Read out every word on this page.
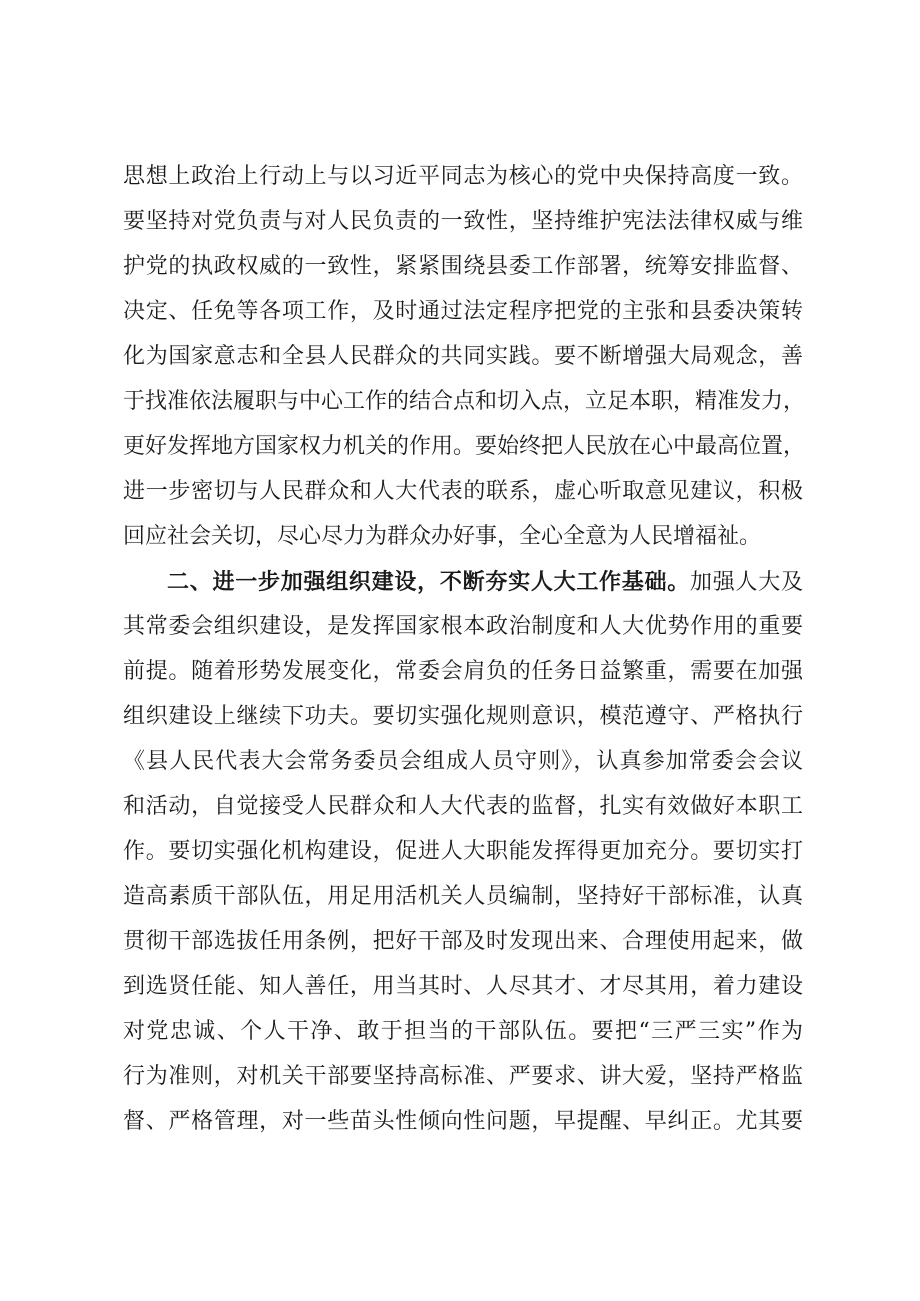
思想上政治上行动上与以习近平同志为核心的党中央保持高度一致。
要坚持对党负责与对人民负责的一致性，坚持维护宪法法律权威与维
护党的执政权威的一致性，紧紧围绕县委工作部署，统筹安排监督、
决定、任免等各项工作，及时通过法定程序把党的主张和县委决策转
化为国家意志和全县人民群众的共同实践。要不断增强大局观念，善
于找准依法履职与中心工作的结合点和切入点，立足本职，精准发力，
更好发挥地方国家权力机关的作用。要始终把人民放在心中最高位置，
进一步密切与人民群众和人大代表的联系，虚心听取意见建议，积极
回应社会关切，尽心尽力为群众办好事，全心全意为人民增福祉。
二、进一步加强组织建设，不断夯实人大工作基础。加强人大及
其常委会组织建设，是发挥国家根本政治制度和人大优势作用的重要
前提。随着形势发展变化，常委会肩负的任务日益繁重，需要在加强
组织建设上继续下功夫。要切实强化规则意识，模范遵守、严格执行
《县人民代表大会常务委员会组成人员守则》，认真参加常委会会议
和活动，自觉接受人民群众和人大代表的监督，扎实有效做好本职工
作。要切实强化机构建设，促进人大职能发挥得更加充分。要切实打
造高素质干部队伍，用足用活机关人员编制，坚持好干部标准，认真
贯彻干部选拔任用条例，把好干部及时发现出来、合理使用起来，做
到选贤任能、知人善任，用当其时、人尽其才、才尽其用，着力建设
对党忠诚、个人干净、敢于担当的干部队伍。要把“三严三实”作为
行为准则，对机关干部要坚持高标准、严要求、讲大爱，坚持严格监
督、严格管理，对一些苗头性倾向性问题，早提醒、早纠正。尤其要
